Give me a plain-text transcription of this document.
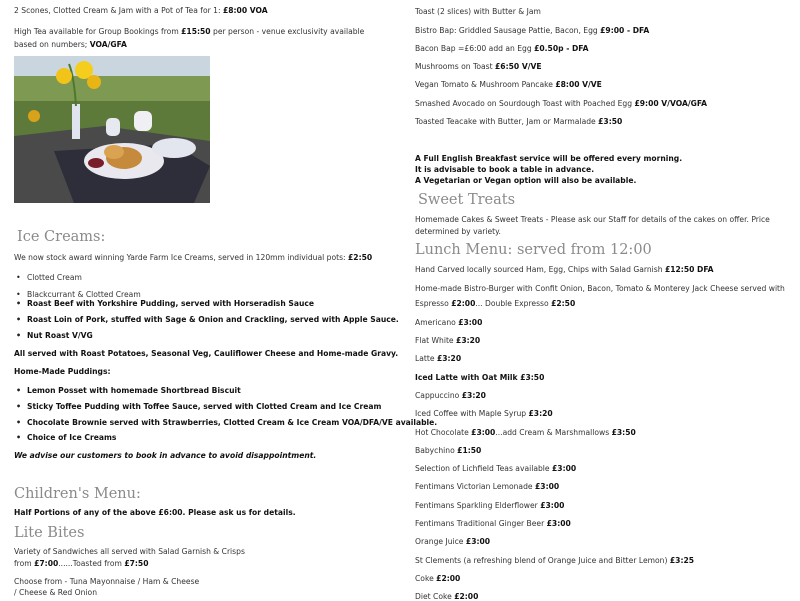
2 Scones, Clotted Cream & Jam with a Pot of Tea for 1: £8:00 VOA
High Tea available for Group Bookings from £15:50 per person - venue exclusivity available based on numbers; VOA/GFA
Ice Creams:
We now stock award winning Yarde Farm Ice Creams, served in 120mm individual pots: £2:50
• Clotted Cream
• Blackcurrant & Clotted Cream
• Roast Beef with Yorkshire Pudding, served with Horseradish Sauce
• Roast Loin of Pork, stuffed with Sage & Onion and Crackling, served with Apple Sauce.
• Nut Roast V/VG
All served with Roast Potatoes, Seasonal Veg, Cauliflower Cheese and Home-made Gravy.
Home-Made Puddings:
• Lemon Posset with homemade Shortbread Biscuit
• Sticky Toffee Pudding with Toffee Sauce, served with Clotted Cream and Ice Cream
• Chocolate Brownie served with Strawberries, Clotted Cream & Ice Cream VOA/DFA/VE available.
• Choice of Ice Creams
We advise our customers to book in advance to avoid disappointment.
Children's Menu:
Half Portions of any of the above £6:00. Please ask us for details.
Lite Bites
Variety of Sandwiches all served with Salad Garnish & Crisps
from £7:00......Toasted from £7:50
Choose from - Tuna Mayonnaise / Ham & Cheese
/ Cheese & Red Onion
Toast (2 slices) with Butter & Jam
Bistro Bap: Griddled Sausage Pattie, Bacon, Egg £9:00 - DFA
Bacon Bap =£6:00 add an Egg £0.50p - DFA
Mushrooms on Toast £6:50 V/VE
Vegan Tomato & Mushroom Pancake £8:00 V/VE
Smashed Avocado on Sourdough Toast with Poached Egg £9:00 V/VOA/GFA
Toasted Teacake with Butter, Jam or Marmalade £3:50
A Full English Breakfast service will be offered every morning.
It is advisable to book a table in advance.
A Vegetarian or Vegan option will also be available.
Sweet Treats
Homemade Cakes & Sweet Treats - Please ask our Staff for details of the cakes on offer. Price determined by variety.
Lunch Menu: served from 12:00
Hand Carved locally sourced Ham, Egg, Chips with Salad Garnish £12:50 DFA
Home-made Bistro-Burger with Confit Onion, Bacon, Tomato & Monterey Jack Cheese served with
Espresso £2:00... Double Expresso £2:50
Americano £3:00
Flat White £3:20
Latte £3:20
Iced Latte with Oat Milk £3:50
Cappuccino £3:20
Iced Coffee with Maple Syrup £3:20
Hot Chocolate £3:00...add Cream & Marshmallows £3:50
Babychino £1:50
Selection of Lichfield Teas available £3:00
Fentimans Victorian Lemonade £3:00
Fentimans Sparkling Elderflower £3:00
Fentimans Traditional Ginger Beer £3:00
Orange Juice £3:00
St Clements (a refreshing blend of Orange Juice and Bitter Lemon) £3:25
Coke £2:00
Diet Coke £2:00
